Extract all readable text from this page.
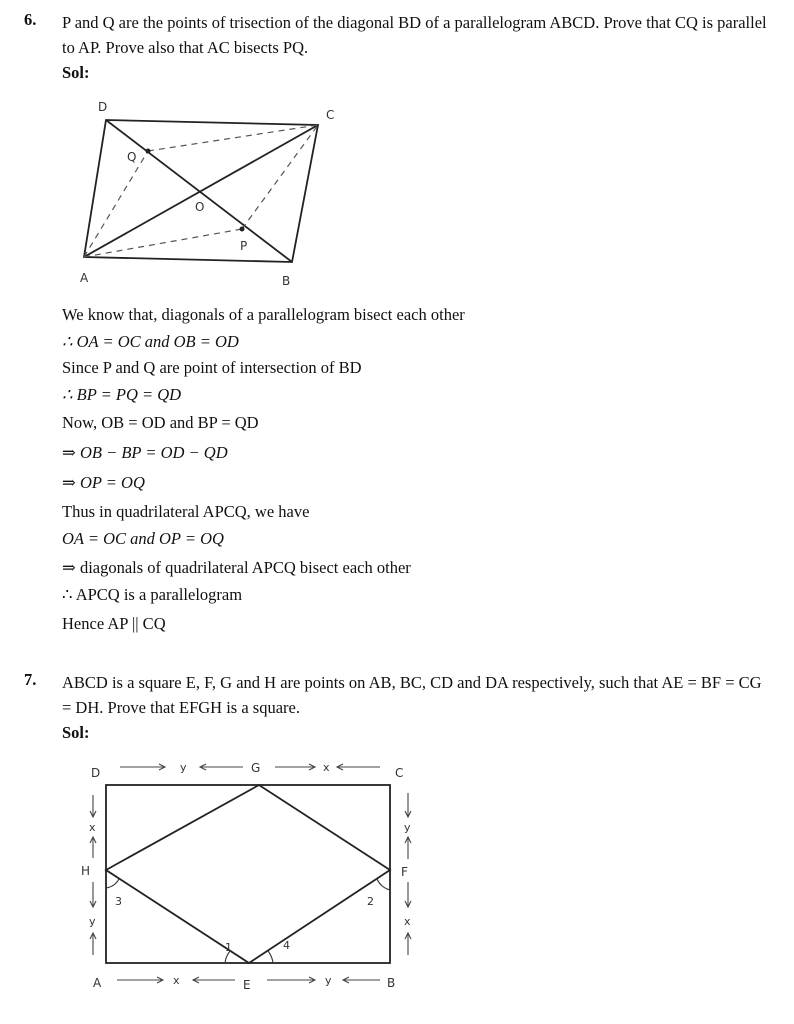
6. P and Q are the points of trisection of the diagonal BD of a parallelogram ABCD. Prove that CQ is parallel to AP. Prove also that AC bisects PQ.
Sol:
A	B
C
D
O
P
Q
We know that, diagonals of a parallelogram bisect each other
∴ OA = OC and OB = OD
Since P and Q are point of intersection of BD
∴ BP = PQ = QD
Now, OB = OD and BP = QD
⇒ OB − BP = OD − QD
⇒ OP = OQ
Thus in quadrilateral APCQ, we have
OA = OC and OP = OQ
⇒ diagonals of quadrilateral APCQ bisect each other
∴ APCQ is a parallelogram
Hence AP || CQ
7. ABCD is a square E, F, G and H are points on AB, BC, CD and DA respectively, such that AE = BF = CG = DH. Prove that EFGH is a square.
Sol:
y	x
x	y
x
y
y
x
A	B
C
D
E
F
G
H
1	4
2
3
